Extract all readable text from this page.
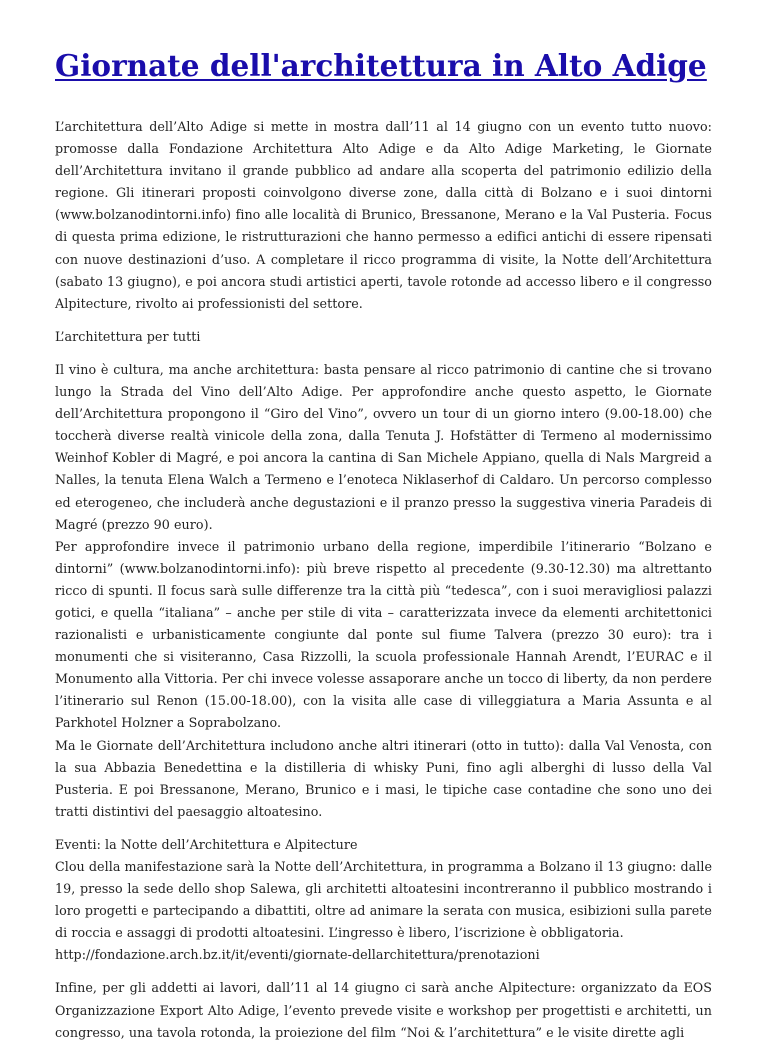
Giornate dell'architettura in Alto Adige

L’architettura dell’Alto Adige si mette in mostra dall’11 al 14 giugno con un evento tutto nuovo: promosse dalla Fondazione Architettura Alto Adige e da Alto Adige Marketing, le Giornate dell’Architettura invitano il grande pubblico ad andare alla scoperta del patrimonio edilizio della regione. Gli itinerari proposti coinvolgono diverse zone, dalla città di Bolzano e i suoi dintorni (www.bolzanodintorni.info) fino alle località di Brunico, Bressanone, Merano e la Val Pusteria. Focus di questa prima edizione, le ristrutturazioni che hanno permesso a edifici antichi di essere ripensati con nuove destinazioni d’uso. A completare il ricco programma di visite, la Notte dell’Architettura (sabato 13 giugno), e poi ancora studi artistici aperti, tavole rotonde ad accesso libero e il congresso Alpitecture, rivolto ai professionisti del settore.

L’architettura per tutti

Il vino è cultura, ma anche architettura: basta pensare al ricco patrimonio di cantine che si trovano lungo la Strada del Vino dell’Alto Adige. Per approfondire anche questo aspetto, le Giornate dell’Architettura propongono il “Giro del Vino”, ovvero un tour di un giorno intero (9.00-18.00) che toccherà diverse realtà vinicole della zona, dalla Tenuta J. Hofstätter di Termeno al modernissimo Weinhof Kobler di Magré, e poi ancora la cantina di San Michele Appiano, quella di Nals Margreid a Nalles, la tenuta Elena Walch a Termeno e l’enoteca Niklaserhof di Caldaro. Un percorso complesso ed eterogeneo, che includerà anche degustazioni e il pranzo presso la suggestiva vineria Paradeis di Magré (prezzo 90 euro).
Per approfondire invece il patrimonio urbano della regione, imperdibile l’itinerario “Bolzano e dintorni” (www.bolzanodintorni.info): più breve rispetto al precedente (9.30-12.30) ma altrettanto ricco di spunti. Il focus sarà sulle differenze tra la città più “tedesca”, con i suoi meravigliosi palazzi gotici, e quella “italiana” – anche per stile di vita – caratterizzata invece da elementi architettonici razionalisti e urbanisticamente congiunte dal ponte sul fiume Talvera (prezzo 30 euro): tra i monumenti che si visiteranno, Casa Rizzolli, la scuola professionale Hannah Arendt, l’EURAC e il Monumento alla Vittoria. Per chi invece volesse assaporare anche un tocco di liberty, da non perdere l’itinerario sul Renon (15.00-18.00), con la visita alle case di villeggiatura a Maria Assunta e al Parkhotel Holzner a Soprabolzano.
Ma le Giornate dell’Architettura includono anche altri itinerari (otto in tutto): dalla Val Venosta, con la sua Abbazia Benedettina e la distilleria di whisky Puni, fino agli alberghi di lusso della Val Pusteria. E poi Bressanone, Merano, Brunico e i masi, le tipiche case contadine che sono uno dei tratti distintivi del paesaggio altoatesino.

Eventi: la Notte dell’Architettura e Alpitecture
Clou della manifestazione sarà la Notte dell’Architettura, in programma a Bolzano il 13 giugno: dalle 19, presso la sede dello shop Salewa, gli architetti altoatesini incontreranno il pubblico mostrando i loro progetti e partecipando a dibattiti, oltre ad animare la serata con musica, esibizioni sulla parete di roccia e assaggi di prodotti altoatesini. L’ingresso è libero, l’iscrizione è obbligatoria.
http://fondazione.arch.bz.it/it/eventi/giornate-dellarchitettura/prenotazioni

Infine, per gli addetti ai lavori, dall’11 al 14 giugno ci sarà anche Alpitecture: organizzato da EOS Organizzazione Export Alto Adige, l’evento prevede visite e workshop per progettisti e architetti, un congresso, una tavola rotonda, la proiezione del film “Noi & l’architettura” e le visite dirette agli
